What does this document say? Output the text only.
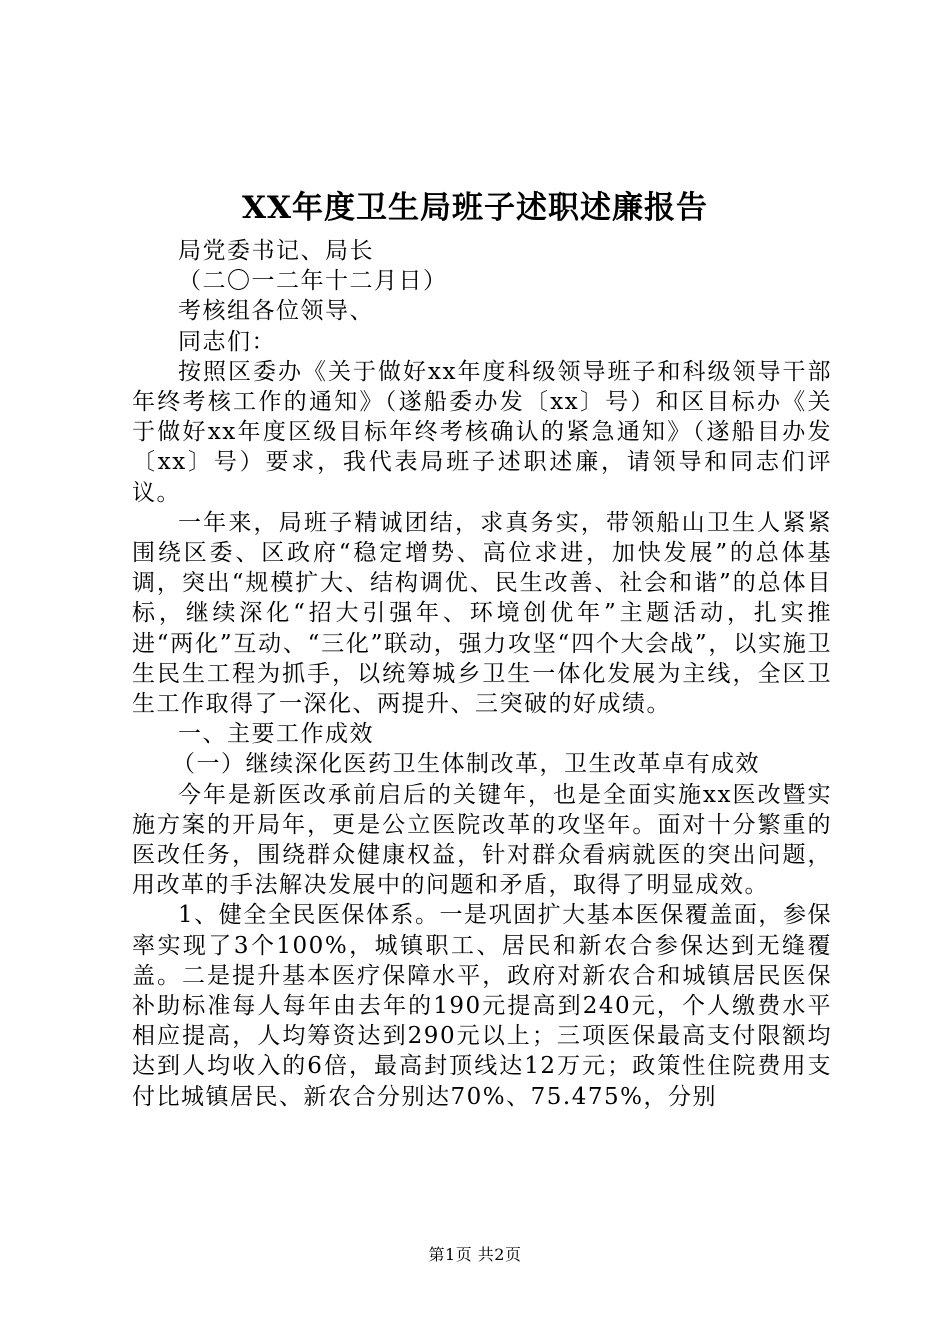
XX年度卫生局班子述职述廉报告

局党委书记、局长

（二〇一二年十二月日）

考核组各位领导、

同志们：

按照区委办《关于做好xx年度科级领导班子和科级领导干部年终考核工作的通知》（遂船委办发〔xx〕号）和区目标办《关于做好xx年度区级目标年终考核确认的紧急通知》（遂船目办发〔xx〕号）要求，我代表局班子述职述廉，请领导和同志们评议。

一年来，局班子精诚团结，求真务实，带领船山卫生人紧紧围绕区委、区政府“稳定增势、高位求进，加快发展”的总体基调，突出“规模扩大、结构调优、民生改善、社会和谐”的总体目标，继续深化“招大引强年、环境创优年”主题活动，扎实推进“两化”互动、“三化”联动，强力攻坚“四个大会战”，以实施卫生民生工程为抓手，以统筹城乡卫生一体化发展为主线，全区卫生工作取得了一深化、两提升、三突破的好成绩。

一、主要工作成效

（一）继续深化医药卫生体制改革，卫生改革卓有成效

今年是新医改承前启后的关键年，也是全面实施xx医改暨实施方案的开局年，更是公立医院改革的攻坚年。面对十分繁重的医改任务，围绕群众健康权益，针对群众看病就医的突出问题，用改革的手法解决发展中的问题和矛盾，取得了明显成效。

1、健全全民医保体系。一是巩固扩大基本医保覆盖面，参保率实现了3个100%，城镇职工、居民和新农合参保达到无缝覆盖。二是提升基本医疗保障水平，政府对新农合和城镇居民医保补助标准每人每年由去年的190元提高到240元，个人缴费水平相应提高，人均筹资达到290元以上；三项医保最高支付限额均达到人均收入的6倍，最高封顶线达12万元；政策性住院费用支付比城镇居民、新农合分别达70%、75.475%，分别

第1页 共2页
